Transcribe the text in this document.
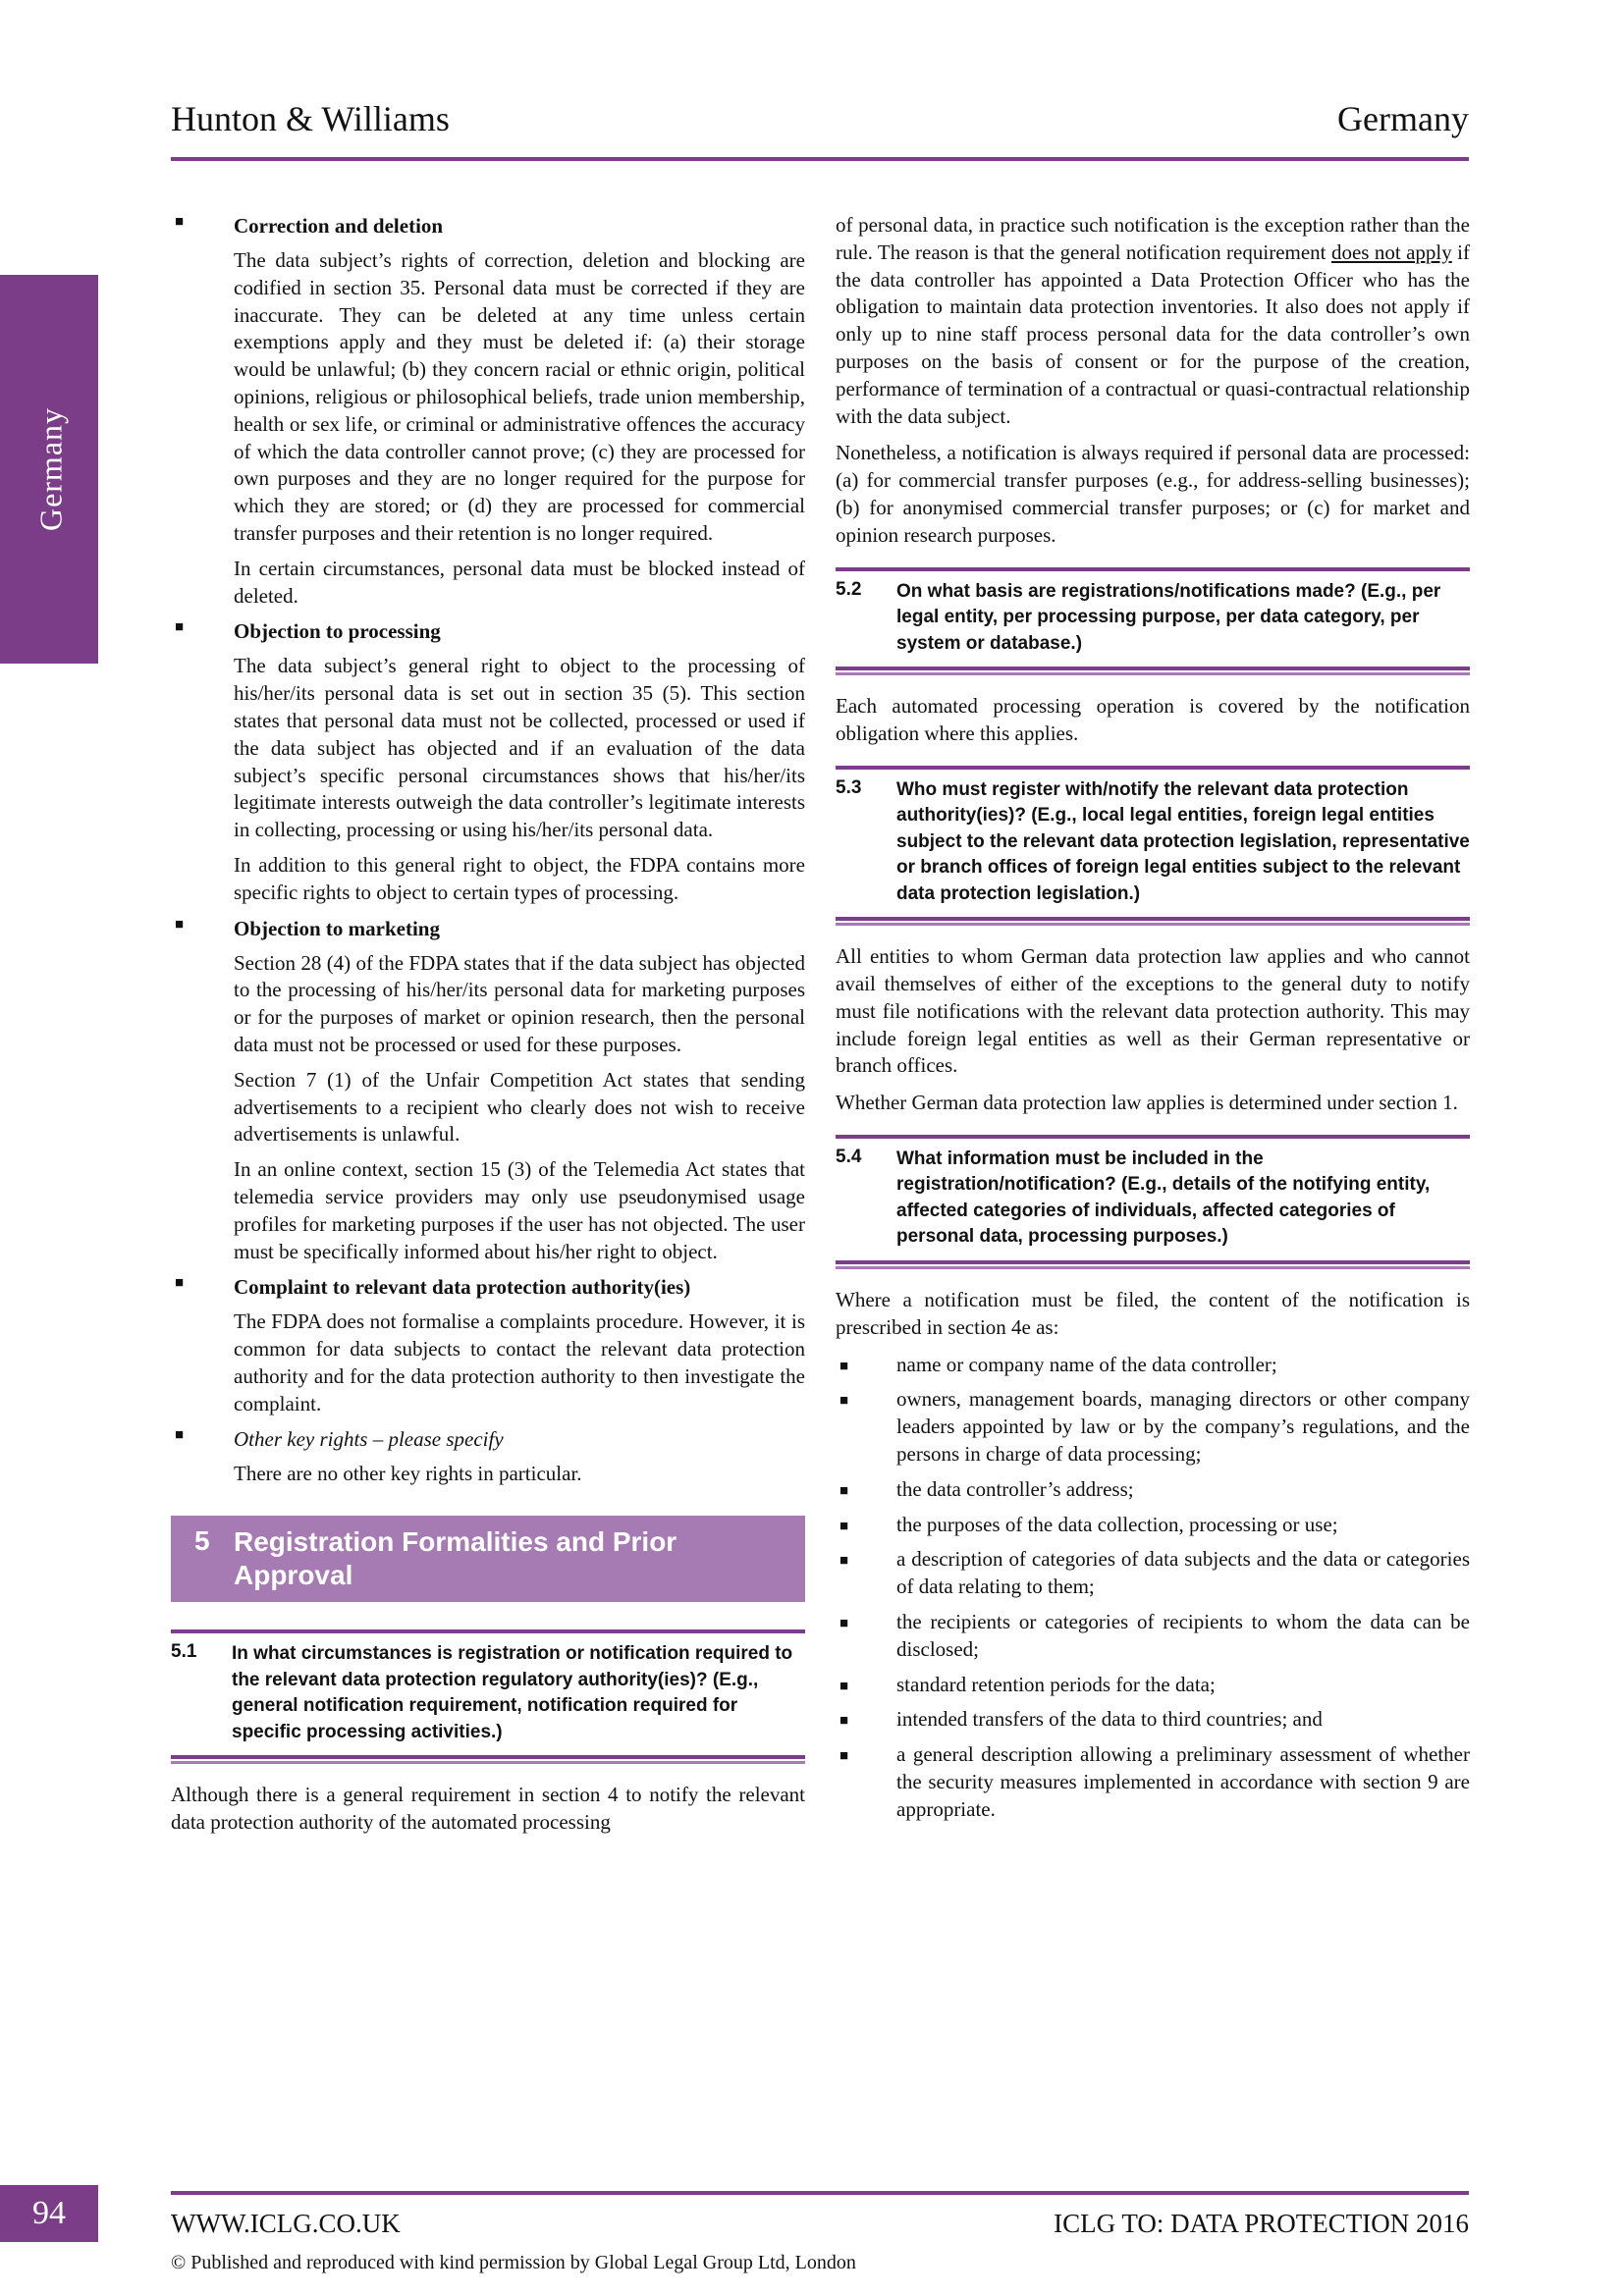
Hunton & Williams	Germany
Germany
■ Correction and deletion

The data subject’s rights of correction, deletion and blocking are codified in section 35. Personal data must be corrected if they are inaccurate. They can be deleted at any time unless certain exemptions apply and they must be deleted if: (a) their storage would be unlawful; (b) they concern racial or ethnic origin, political opinions, religious or philosophical beliefs, trade union membership, health or sex life, or criminal or administrative offences the accuracy of which the data controller cannot prove; (c) they are processed for own purposes and they are no longer required for the purpose for which they are stored; or (d) they are processed for commercial transfer purposes and their retention is no longer required.

In certain circumstances, personal data must be blocked instead of deleted.

■ Objection to processing

The data subject’s general right to object to the processing of his/her/its personal data is set out in section 35 (5). This section states that personal data must not be collected, processed or used if the data subject has objected and if an evaluation of the data subject’s specific personal circumstances shows that his/her/its legitimate interests outweigh the data controller’s legitimate interests in collecting, processing or using his/her/its personal data.

In addition to this general right to object, the FDPA contains more specific rights to object to certain types of processing.

■ Objection to marketing

Section 28 (4) of the FDPA states that if the data subject has objected to the processing of his/her/its personal data for marketing purposes or for the purposes of market or opinion research, then the personal data must not be processed or used for these purposes.

Section 7 (1) of the Unfair Competition Act states that sending advertisements to a recipient who clearly does not wish to receive advertisements is unlawful.

In an online context, section 15 (3) of the Telemedia Act states that telemedia service providers may only use pseudonymised usage profiles for marketing purposes if the user has not objected. The user must be specifically informed about his/her right to object.

■ Complaint to relevant data protection authority(ies)

The FDPA does not formalise a complaints procedure. However, it is common for data subjects to contact the relevant data protection authority and for the data protection authority to then investigate the complaint.

■ Other key rights – please specify

There are no other key rights in particular.

5 Registration Formalities and Prior Approval
5.1 In what circumstances is registration or notification required to the relevant data protection regulatory authority(ies)? (E.g., general notification requirement, notification required for specific processing activities.)

Although there is a general requirement in section 4 to notify the relevant data protection authority of the automated processing

of personal data, in practice such notification is the exception rather than the rule. The reason is that the general notification requirement does not apply if the data controller has appointed a Data Protection Officer who has the obligation to maintain data protection inventories. It also does not apply if only up to nine staff process personal data for the data controller’s own purposes on the basis of consent or for the purpose of the creation, performance of termination of a contractual or quasi-contractual relationship with the data subject.

Nonetheless, a notification is always required if personal data are processed: (a) for commercial transfer purposes (e.g., for address-selling businesses); (b) for anonymised commercial transfer purposes; or (c) for market and opinion research purposes.

5.2 On what basis are registrations/notifications made? (E.g., per legal entity, per processing purpose, per data category, per system or database.)

Each automated processing operation is covered by the notification obligation where this applies.

5.3 Who must register with/notify the relevant data protection authority(ies)? (E.g., local legal entities, foreign legal entities subject to the relevant data protection legislation, representative or branch offices of foreign legal entities subject to the relevant data protection legislation.)

All entities to whom German data protection law applies and who cannot avail themselves of either of the exceptions to the general duty to notify must file notifications with the relevant data protection authority. This may include foreign legal entities as well as their German representative or branch offices.

Whether German data protection law applies is determined under section 1.

5.4 What information must be included in the registration/notification? (E.g., details of the notifying entity, affected categories of individuals, affected categories of personal data, processing purposes.)

Where a notification must be filed, the content of the notification is prescribed in section 4e as:

■ name or company name of the data controller;
■ owners, management boards, managing directors or other company leaders appointed by law or by the company’s regulations, and the persons in charge of data processing;
■ the data controller’s address;
■ the purposes of the data collection, processing or use;
■ a description of categories of data subjects and the data or categories of data relating to them;
■ the recipients or categories of recipients to whom the data can be disclosed;
■ standard retention periods for the data;
■ intended transfers of the data to third countries; and
■ a general description allowing a preliminary assessment of whether the security measures implemented in accordance with section 9 are appropriate.
94	WWW.ICLG.CO.UK	ICLG TO: DATA PROTECTION 2016
© Published and reproduced with kind permission by Global Legal Group Ltd, London
